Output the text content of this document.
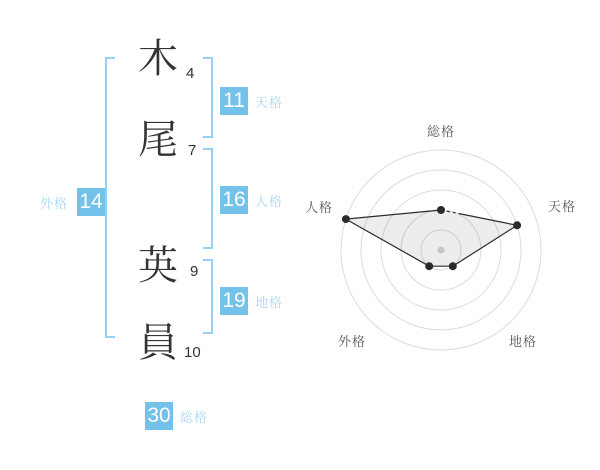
木
尾
英
員
4
7
9
10
11 天格
16 人格
19 地格
外格 14
30 総格
総格
天格
地格
外格
人格
